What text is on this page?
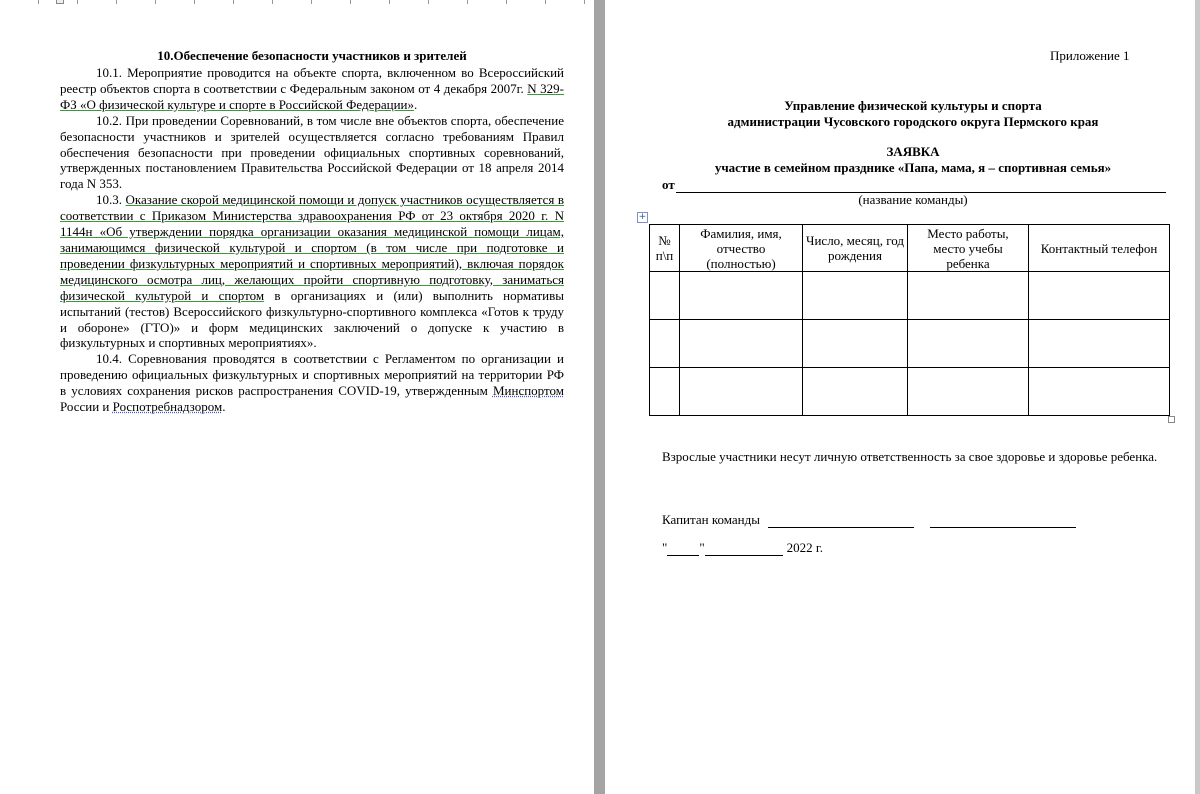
10.Обеспечение безопасности участников и зрителей

10.1. Мероприятие проводится на объекте спорта, включенном во Всероссийский реестр объектов спорта в соответствии с Федеральным законом от 4 декабря 2007г. N 329-ФЗ «О физической культуре и спорте в Российской Федерации».

10.2. При проведении Соревнований, в том числе вне объектов спорта, обеспечение безопасности участников и зрителей осуществляется согласно требованиям Правил обеспечения безопасности при проведении официальных спортивных соревнований, утвержденных постановлением Правительства Российской Федерации от 18 апреля 2014 года N 353.

10.3. Оказание скорой медицинской помощи и допуск участников осуществляется в соответствии с Приказом Министерства здравоохранения РФ от 23 октября 2020 г. N 1144н «Об утверждении порядка организации оказания медицинской помощи лицам, занимающимся физической культурой и спортом (в том числе при подготовке и проведении физкультурных мероприятий и спортивных мероприятий), включая порядок медицинского осмотра лиц, желающих пройти спортивную подготовку, заниматься физической культурой и спортом в организациях и (или) выполнить нормативы испытаний (тестов) Всероссийского физкультурно-спортивного комплекса «Готов к труду и обороне» (ГТО)» и форм медицинских заключений о допуске к участию в физкультурных и спортивных мероприятиях».

10.4. Соревнования проводятся в соответствии с Регламентом по организации и проведению официальных физкультурных и спортивных мероприятий на территории РФ в условиях сохранения рисков распространения COVID-19, утвержденным Минспортом России и Роспотребнадзором.

Приложение 1
Управление физической культуры и спорта
администрации Чусовского городского округа Пермского края
ЗАЯВКА
участие в семейном празднике «Папа, мама, я – спортивная семья»
от
(название команды)
+
№ п\п	Фамилия, имя, отчество (полностью)	Число, месяц, год рождения	Место работы, место учебы ребенка	Контактный телефон

Взрослые участники несут личную ответственность за свое здоровье и здоровье ребенка.
Капитан команды
" "	2022 г.
